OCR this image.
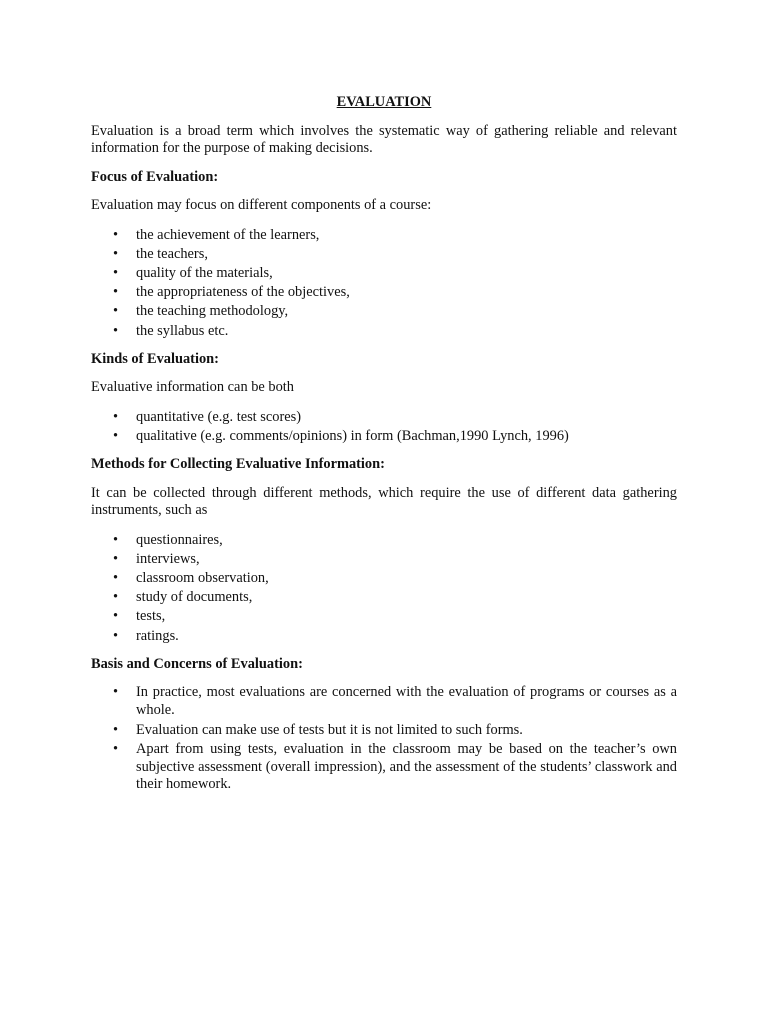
EVALUATION

Evaluation is a broad term which involves the systematic way of gathering reliable and relevant information for the purpose of making decisions.

Focus of Evaluation:

Evaluation may focus on different components of a course:

• the achievement of the learners,
• the teachers,
• quality of the materials,
• the appropriateness of the objectives,
• the teaching methodology,
• the syllabus etc.

Kinds of Evaluation:

Evaluative information can be both

• quantitative (e.g. test scores)
• qualitative (e.g. comments/opinions) in form (Bachman,1990 Lynch, 1996)

Methods for Collecting Evaluative Information:

It can be collected through different methods, which require the use of different data gathering instruments, such as

• questionnaires,
• interviews,
• classroom observation,
• study of documents,
• tests,
• ratings.

Basis and Concerns of Evaluation:

• In practice, most evaluations are concerned with the evaluation of programs or courses as a whole.
• Evaluation can make use of tests but it is not limited to such forms.
• Apart from using tests, evaluation in the classroom may be based on the teacher’s own subjective assessment (overall impression), and the assessment of the students’ classwork and their homework.
